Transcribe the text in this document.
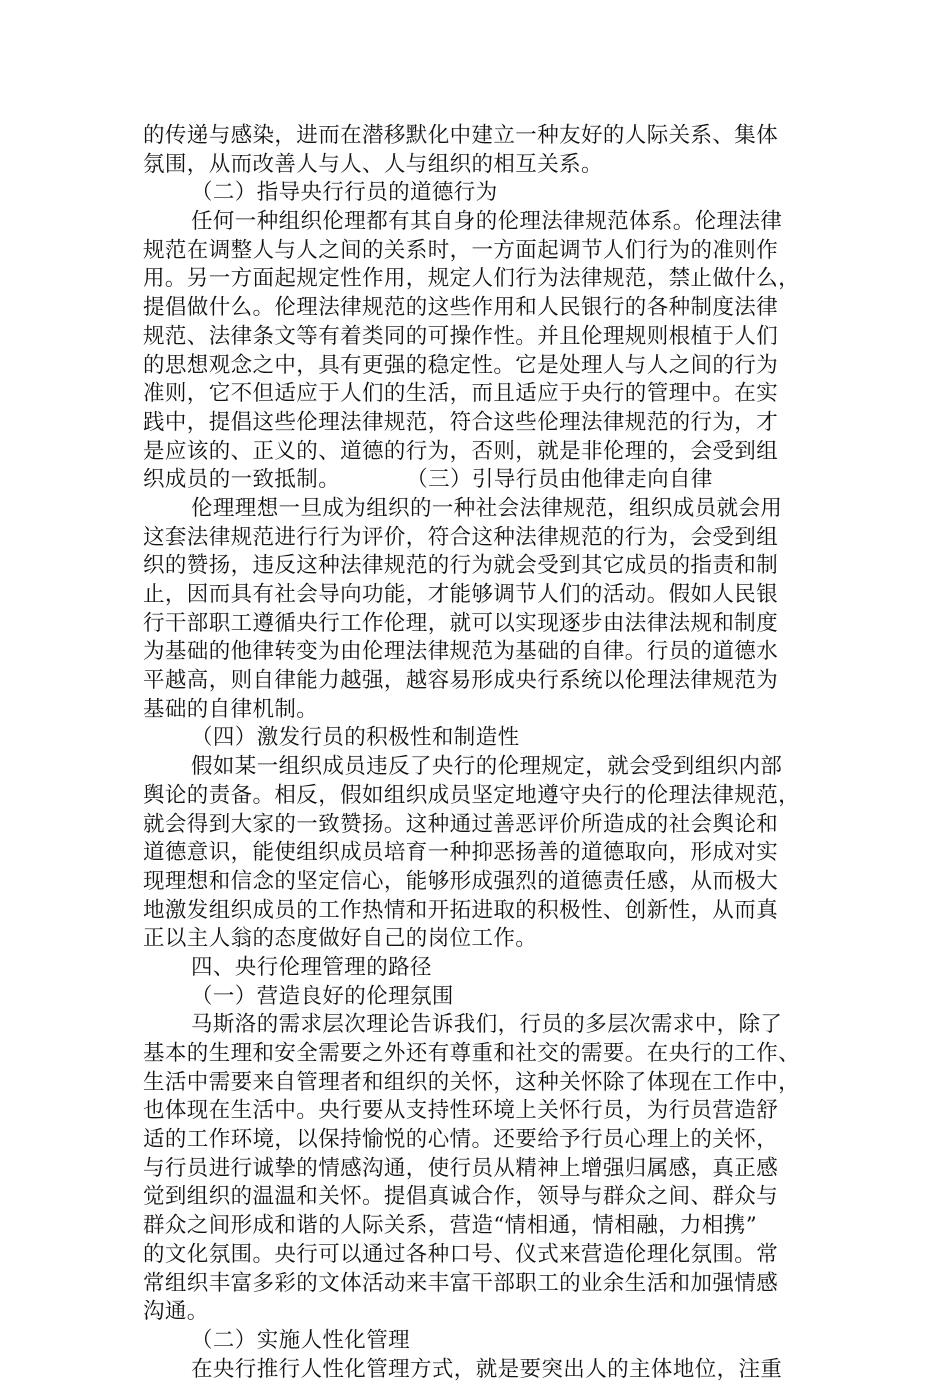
的传递与感染，进而在潜移默化中建立一种友好的人际关系、集体
氛围，从而改善人与人、人与组织的相互关系。
（二）指导央行行员的道德行为
任何一种组织伦理都有其自身的伦理法律规范体系。伦理法律
规范在调整人与人之间的关系时，一方面起调节人们行为的准则作
用。另一方面起规定性作用，规定人们行为法律规范，禁止做什么，
提倡做什么。伦理法律规范的这些作用和人民银行的各种制度法律
规范、法律条文等有着类同的可操作性。并且伦理规则根植于人们
的思想观念之中，具有更强的稳定性。它是处理人与人之间的行为
准则，它不但适应于人们的生活，而且适应于央行的管理中。在实
践中，提倡这些伦理法律规范，符合这些伦理法律规范的行为，才
是应该的、正义的、道德的行为，否则，就是非伦理的，会受到组
织成员的一致抵制。　　　　（三）引导行员由他律走向自律
伦理理想一旦成为组织的一种社会法律规范，组织成员就会用
这套法律规范进行行为评价，符合这种法律规范的行为，会受到组
织的赞扬，违反这种法律规范的行为就会受到其它成员的指责和制
止，因而具有社会导向功能，才能够调节人们的活动。假如人民银
行干部职工遵循央行工作伦理，就可以实现逐步由法律法规和制度
为基础的他律转变为由伦理法律规范为基础的自律。行员的道德水
平越高，则自律能力越强，越容易形成央行系统以伦理法律规范为
基础的自律机制。
（四）激发行员的积极性和制造性
假如某一组织成员违反了央行的伦理规定，就会受到组织内部
舆论的责备。相反，假如组织成员坚定地遵守央行的伦理法律规范，
就会得到大家的一致赞扬。这种通过善恶评价所造成的社会舆论和
道德意识，能使组织成员培育一种抑恶扬善的道德取向，形成对实
现理想和信念的坚定信心，能够形成强烈的道德责任感，从而极大
地激发组织成员的工作热情和开拓进取的积极性、创新性，从而真
正以主人翁的态度做好自己的岗位工作。
四、央行伦理管理的路径
（一）营造良好的伦理氛围
马斯洛的需求层次理论告诉我们，行员的多层次需求中，除了
基本的生理和安全需要之外还有尊重和社交的需要。在央行的工作、
生活中需要来自管理者和组织的关怀，这种关怀除了体现在工作中，
也体现在生活中。央行要从支持性环境上关怀行员，为行员营造舒
适的工作环境，以保持愉悦的心情。还要给予行员心理上的关怀，
与行员进行诚挚的情感沟通，使行员从精神上增强归属感，真正感
觉到组织的温温和关怀。提倡真诚合作，领导与群众之间、群众与
群众之间形成和谐的人际关系，营造“情相通，情相融，力相携”
的文化氛围。央行可以通过各种口号、仪式来营造伦理化氛围。常
常组织丰富多彩的文体活动来丰富干部职工的业余生活和加强情感
沟通。
（二）实施人性化管理
在央行推行人性化管理方式，就是要突出人的主体地位，注重
